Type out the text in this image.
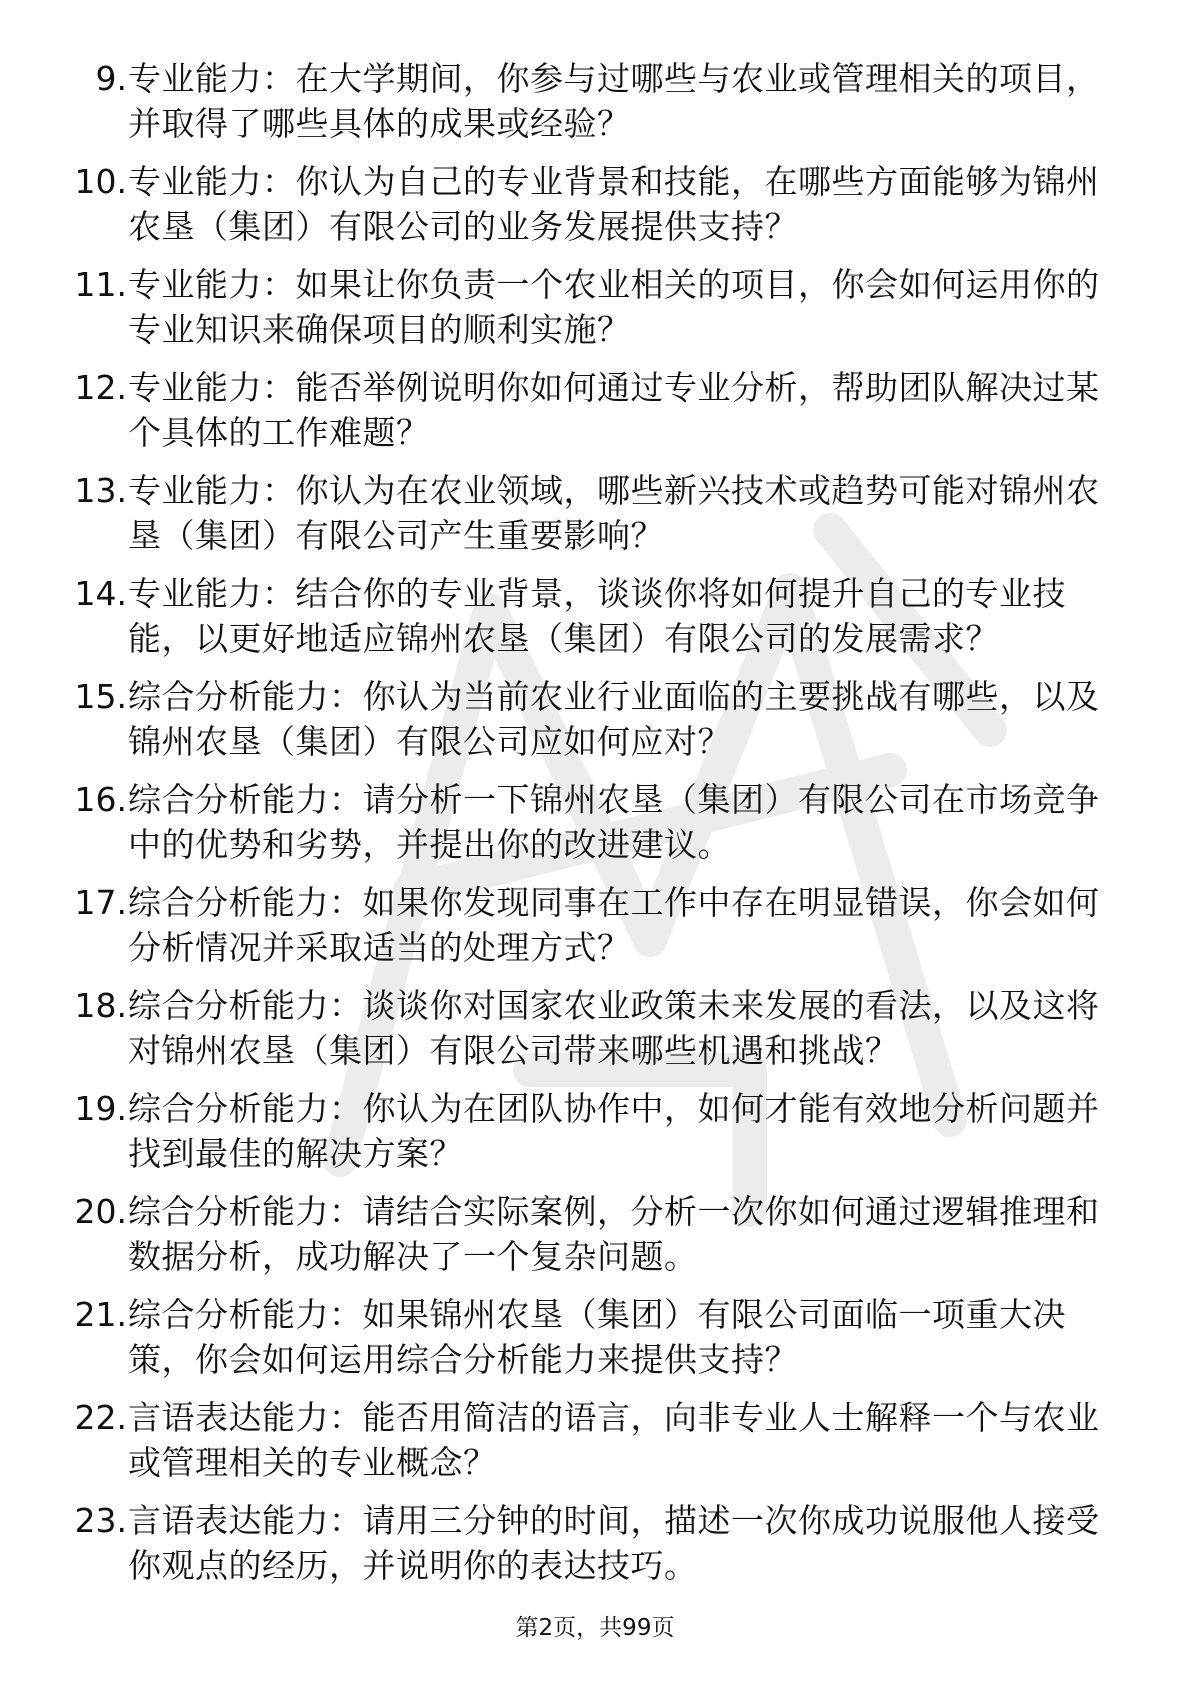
9. 专业能力：在大学期间，你参与过哪些与农业或管理相关的项目，并取得了哪些具体的成果或经验？
10. 专业能力：你认为自己的专业背景和技能，在哪些方面能够为锦州农垦（集团）有限公司的业务发展提供支持？
11. 专业能力：如果让你负责一个农业相关的项目，你会如何运用你的专业知识来确保项目的顺利实施？
12. 专业能力：能否举例说明你如何通过专业分析，帮助团队解决过某个具体的工作难题？
13. 专业能力：你认为在农业领域，哪些新兴技术或趋势可能对锦州农垦（集团）有限公司产生重要影响？
14. 专业能力：结合你的专业背景，谈谈你将如何提升自己的专业技能，以更好地适应锦州农垦（集团）有限公司的发展需求？
15. 综合分析能力：你认为当前农业行业面临的主要挑战有哪些，以及锦州农垦（集团）有限公司应如何应对？
16. 综合分析能力：请分析一下锦州农垦（集团）有限公司在市场竞争中的优势和劣势，并提出你的改进建议。
17. 综合分析能力：如果你发现同事在工作中存在明显错误，你会如何分析情况并采取适当的处理方式？
18. 综合分析能力：谈谈你对国家农业政策未来发展的看法，以及这将对锦州农垦（集团）有限公司带来哪些机遇和挑战？
19. 综合分析能力：你认为在团队协作中，如何才能有效地分析问题并找到最佳的解决方案？
20. 综合分析能力：请结合实际案例，分析一次你如何通过逻辑推理和数据分析，成功解决了一个复杂问题。
21. 综合分析能力：如果锦州农垦（集团）有限公司面临一项重大决策，你会如何运用综合分析能力来提供支持？
22. 言语表达能力：能否用简洁的语言，向非专业人士解释一个与农业或管理相关的专业概念？
23. 言语表达能力：请用三分钟的时间，描述一次你成功说服他人接受你观点的经历，并说明你的表达技巧。
第2页，共99页
